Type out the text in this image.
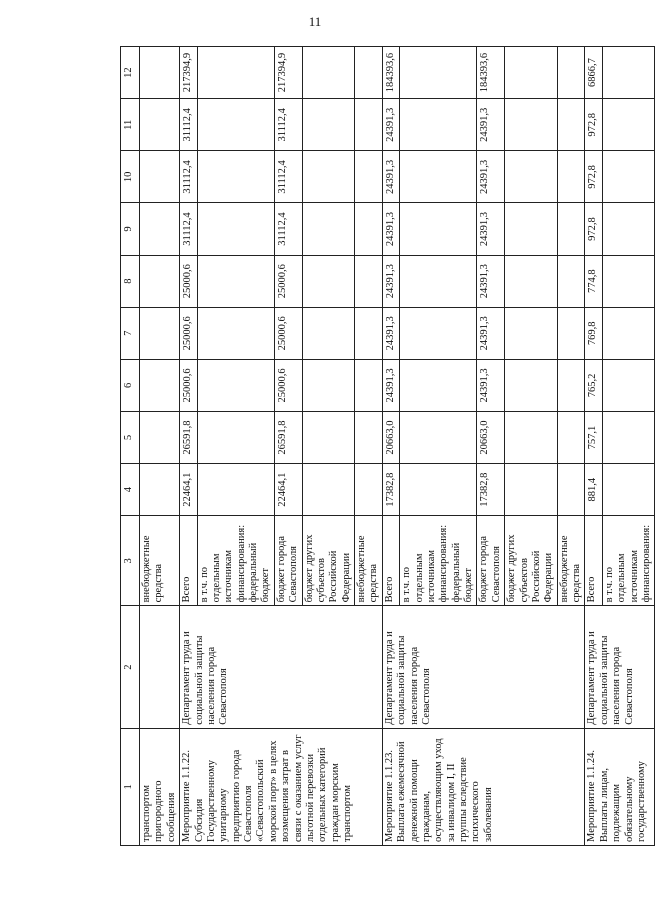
11
1	2	3	4	5	6	7	8	9	10	11	12
транспортом пригородного сообщения		внебюджетные средства									
Мероприятие 1.1.22. Субсидия Государственному унитарному предприятию города Севастополя «Севастопольский морской порт» в целях возмещения затрат в связи с оказанием услуг льготной перевозки отдельных категорий граждан морским транспортом	Департамент труда и социальной защиты населения города Севастополя	Всего	22464,1	26591,8	25000,6	25000,6	25000,6	31112,4	31112,4	31112,4	217394,9
		в т.ч. по отдельным источникам финансирования: федеральный бюджет									
		бюджет города Севастополя	22464,1	26591,8	25000,6	25000,6	25000,6	31112,4	31112,4	31112,4	217394,9
		бюджет других субъектов Российской Федерации									
		внебюджетные средства									
Мероприятие 1.1.23. Выплата ежемесячной денежной помощи гражданам, осуществляющим уход за инвалидом I, II группы вследствие психического заболевания	Департамент труда и социальной защиты населения города Севастополя	Всего	17382,8	20663,0	24391,3	24391,3	24391,3	24391,3	24391,3	24391,3	184393,6
		в т.ч. по отдельным источникам финансирования: федеральный бюджет									
		бюджет города Севастополя	17382,8	20663,0	24391,3	24391,3	24391,3	24391,3	24391,3	24391,3	184393,6
		бюджет других субъектов Российской Федерации									
		внебюджетные средства									
Мероприятие 1.1.24. Выплаты лицам, подлежащим обязательному государственному	Департамент труда и социальной защиты населения города Севастополя	Всего	881,4	757,1	765,2	769,8	774,8	972,8	972,8	972,8	6866,7
		в т.ч. по отдельным источникам финансирования:									
